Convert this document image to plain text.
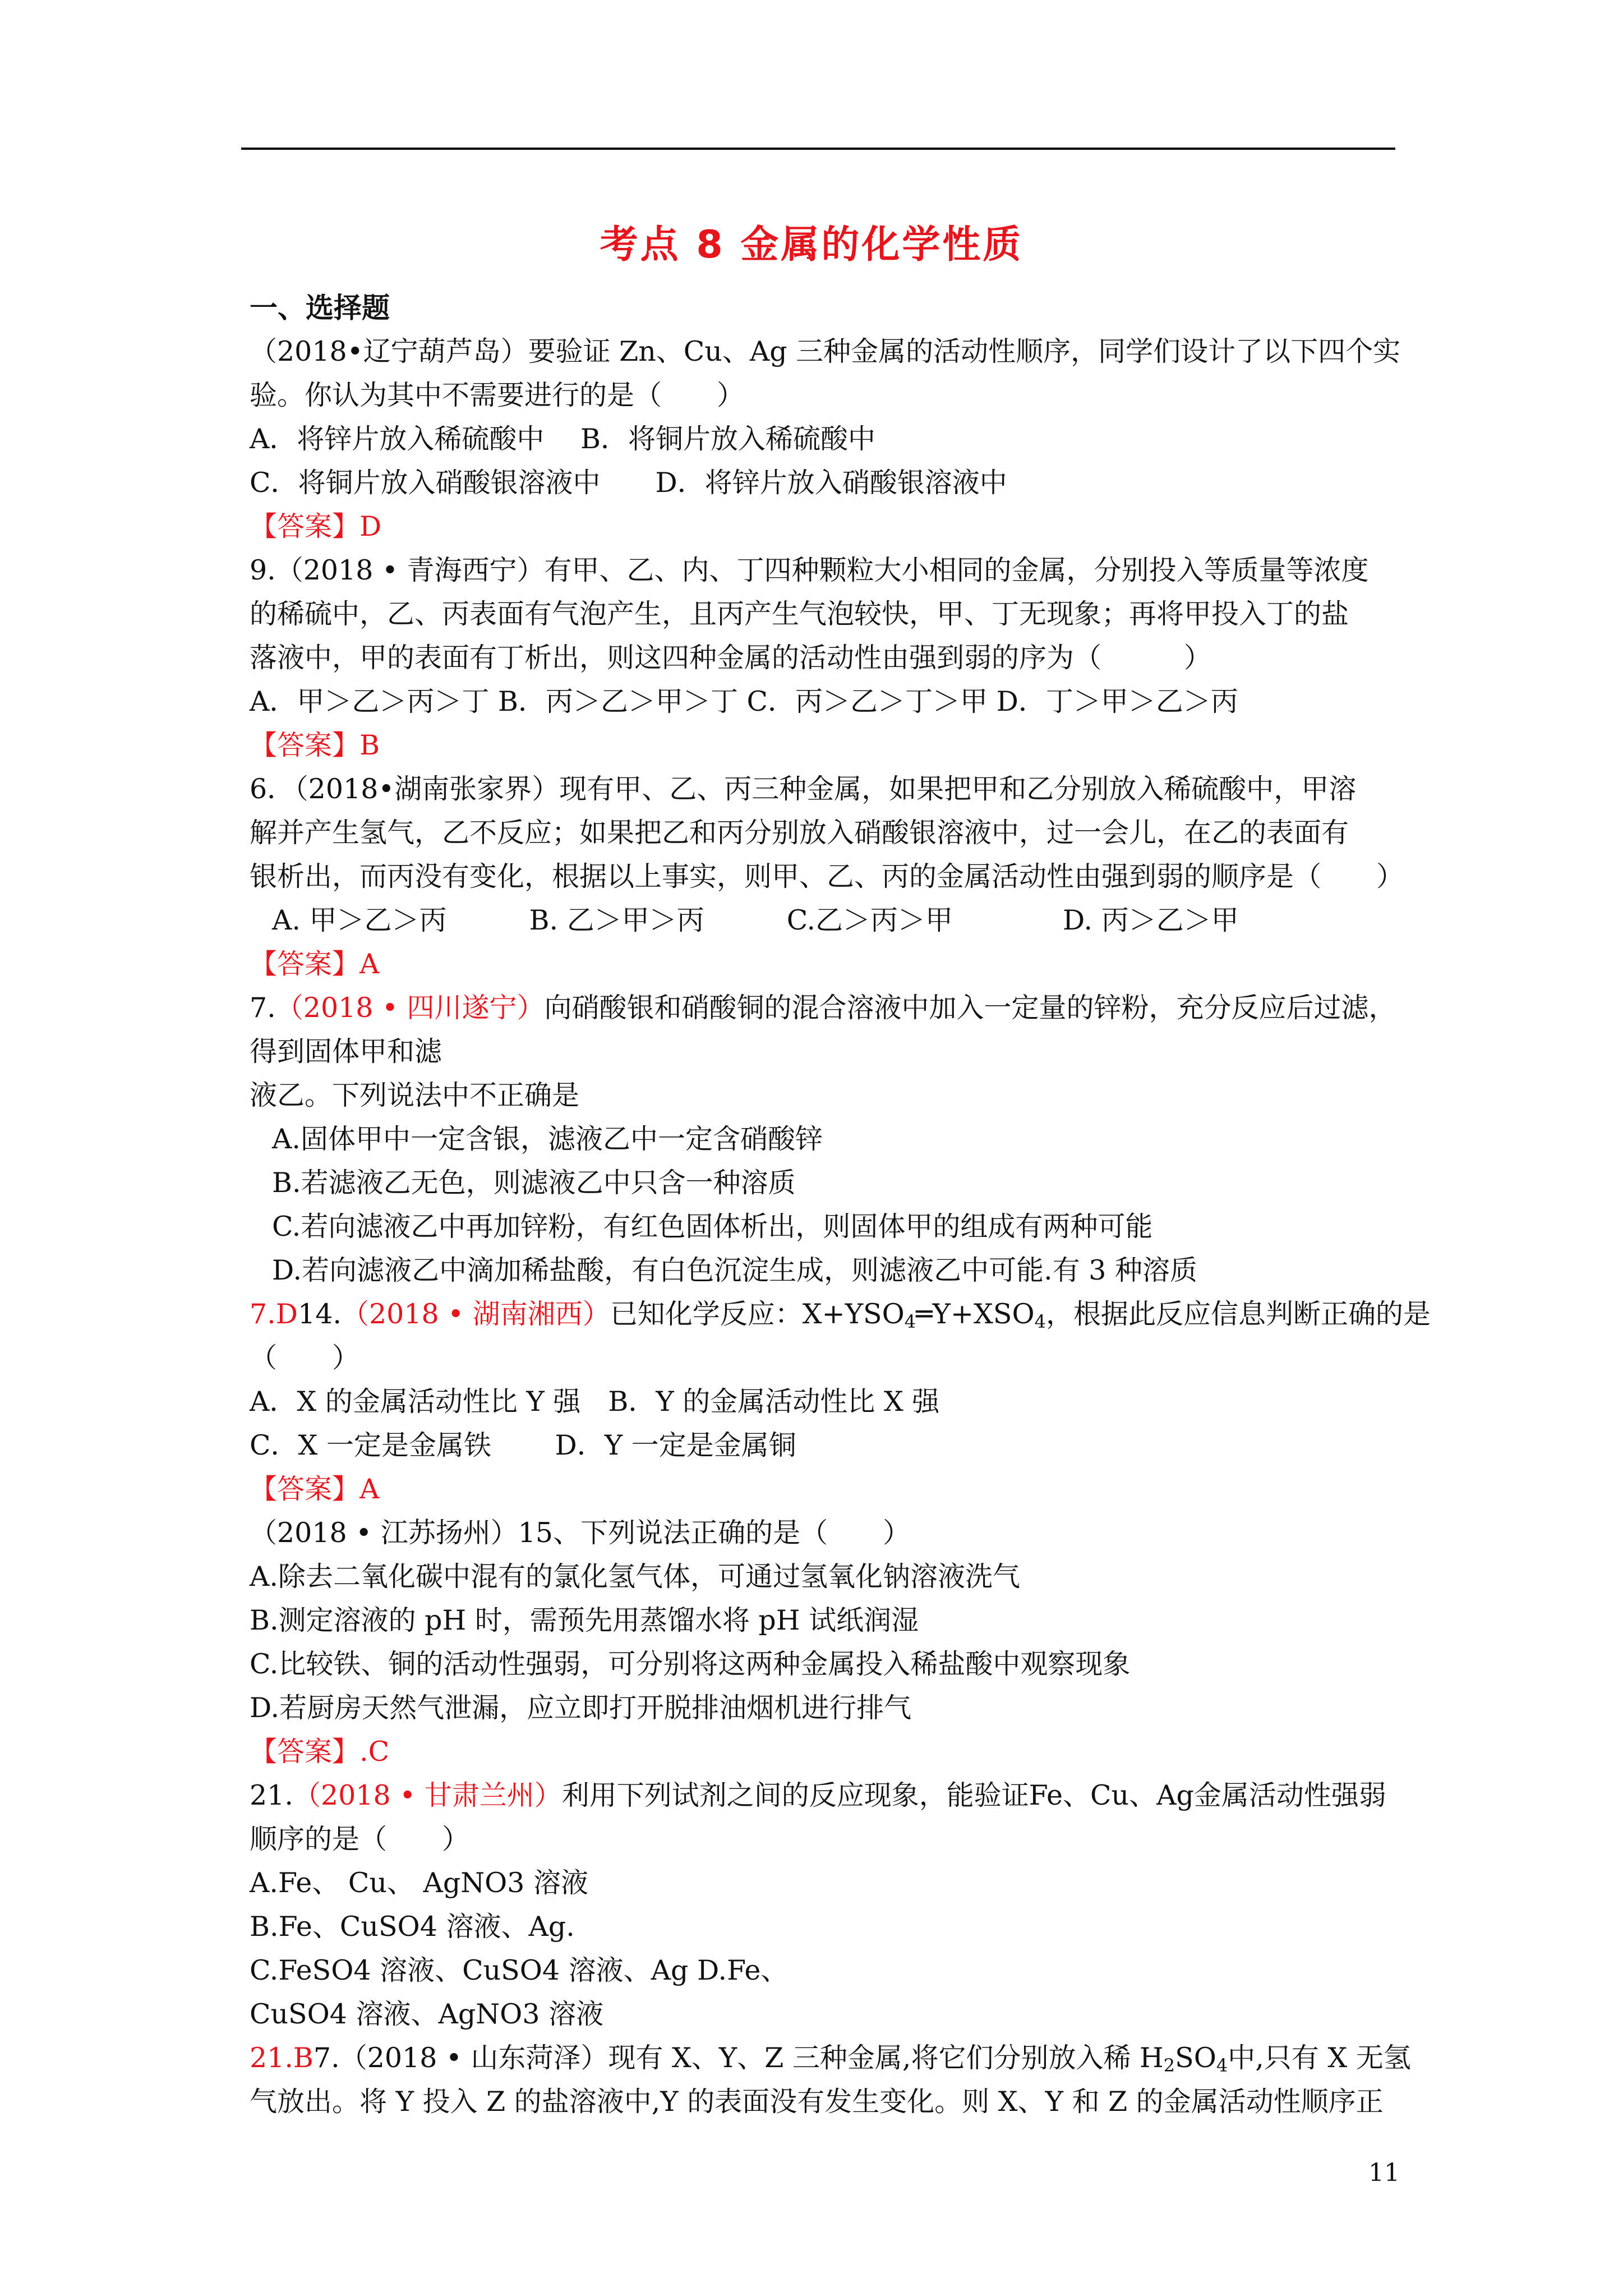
考点 8 金属的化学性质
一、选择题
（2018•辽宁葫芦岛）要验证 Zn、Cu、Ag 三种金属的活动性顺序，同学们设计了以下四个实
验。你认为其中不需要进行的是（　　）
A．将锌片放入稀硫酸中　 B．将铜片放入稀硫酸中
C．将铜片放入硝酸银溶液中　　D．将锌片放入硝酸银溶液中
【答案】D
9.（2018 • 青海西宁）有甲、乙、内、丁四种颗粒大小相同的金属，分别投入等质量等浓度
的稀硫中，乙、丙表面有气泡产生，且丙产生气泡较快，甲、丁无现象；再将甲投入丁的盐
落液中，甲的表面有丁析出，则这四种金属的活动性由强到弱的序为（　　　）
A．甲＞乙＞丙＞丁 B．丙＞乙＞甲＞丁 C．丙＞乙＞丁＞甲 D．丁＞甲＞乙＞丙
【答案】B
6．（2018•湖南张家界）现有甲、乙、丙三种金属，如果把甲和乙分别放入稀硫酸中，甲溶
解并产生氢气，乙不反应；如果把乙和丙分别放入硝酸银溶液中，过一会儿，在乙的表面有
银析出，而丙没有变化，根据以上事实，则甲、乙、丙的金属活动性由强到弱的顺序是（　　）
A. 甲＞乙＞丙　　　B. 乙＞甲＞丙　　　C.乙＞丙＞甲　　　　D. 丙＞乙＞甲
【答案】A
7.（2018 • 四川遂宁）向硝酸银和硝酸铜的混合溶液中加入一定量的锌粉，充分反应后过滤，
得到固体甲和滤
液乙。下列说法中不正确是
A.固体甲中一定含银，滤液乙中一定含硝酸锌
B.若滤液乙无色，则滤液乙中只含一种溶质
C.若向滤液乙中再加锌粉，有红色固体析出，则固体甲的组成有两种可能
D.若向滤液乙中滴加稀盐酸，有白色沉淀生成，则滤液乙中可能.有 3 种溶质
7.D14.（2018 • 湖南湘西）已知化学反应：$X+YSO_4═Y+XSO_4$，根据此反应信息判断正确的是
（　　）
A．X 的金属活动性比 Y 强　B．Y 的金属活动性比 X 强
C．X 一定是金属铁　　 D．Y 一定是金属铜
【答案】A
（2018 • 江苏扬州）15、下列说法正确的是（　　）
A.除去二氧化碳中混有的氯化氢气体，可通过氢氧化钠溶液洗气
B.测定溶液的 pH 时，需预先用蒸馏水将 pH 试纸润湿
C.比较铁、铜的活动性强弱，可分别将这两种金属投入稀盐酸中观察现象
D.若厨房天然气泄漏，应立即打开脱排油烟机进行排气
【答案】.C
21.（2018 • 甘肃兰州）利用下列试剂之间的反应现象，能验证Fe、Cu、Ag金属活动性强弱
顺序的是（　　）
A.Fe、 Cu、 AgNO3 溶液
B.Fe、CuSO4 溶液、Ag.
C.FeSO4 溶液、CuSO4 溶液、Ag D.Fe、
CuSO4 溶液、AgNO3 溶液
21.B7.（2018 • 山东菏泽）现有 X、Y、Z 三种金属,将它们分别放入稀 $H_2SO_4$中,只有 X 无氢
气放出。将 Y 投入 Z 的盐溶液中,Y 的表面没有发生变化。则 X、Y 和 Z 的金属活动性顺序正
11
